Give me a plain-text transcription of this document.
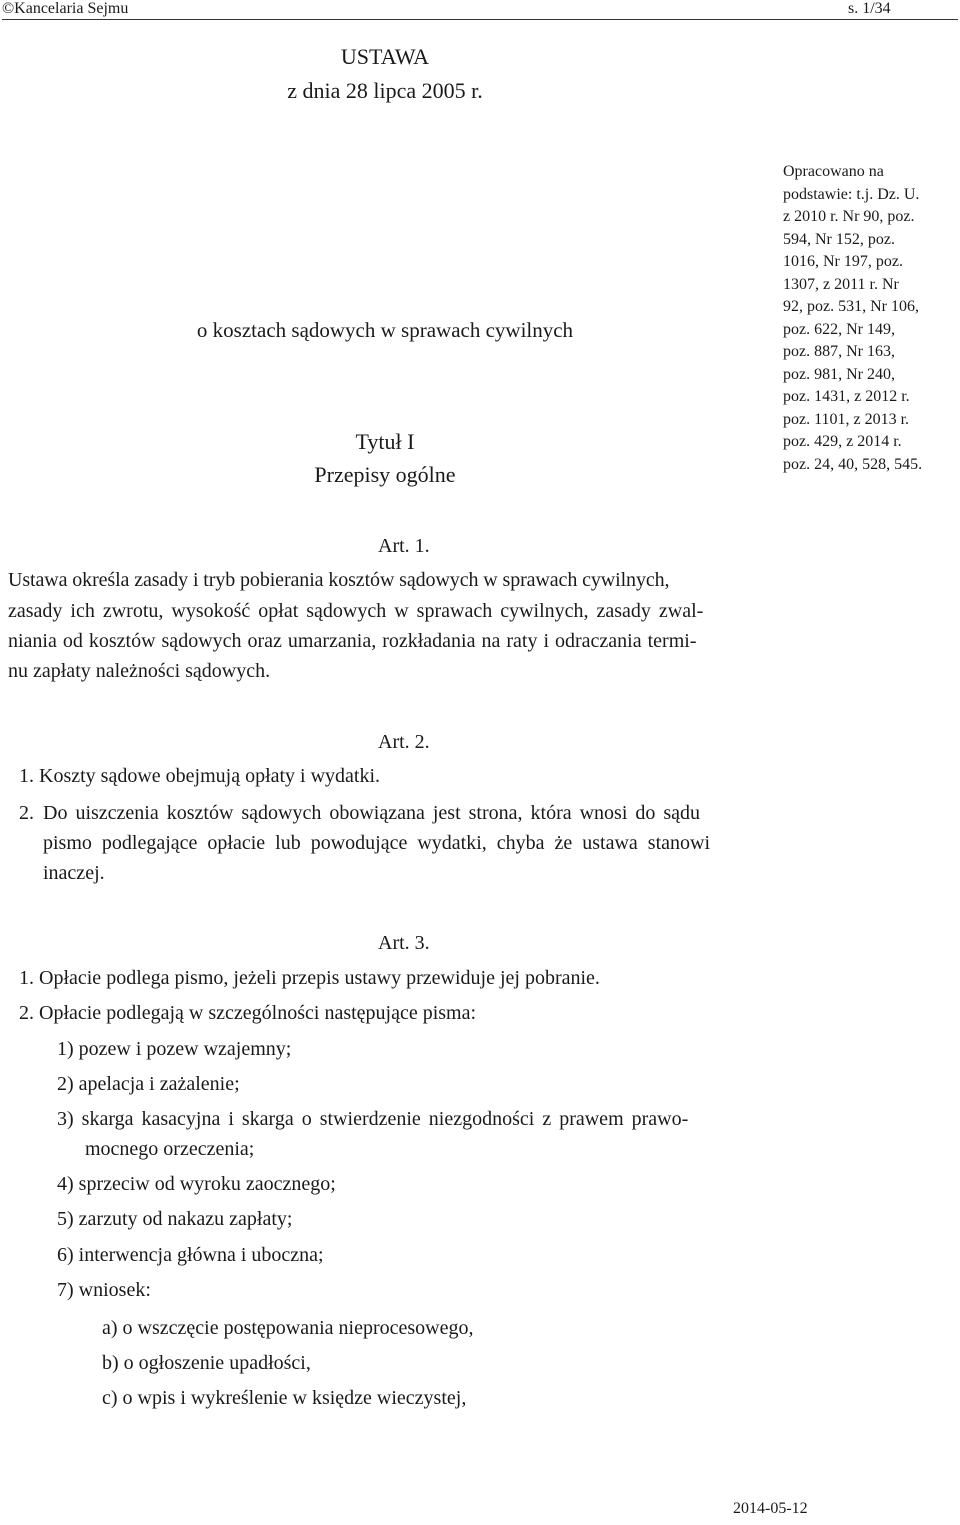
©Kancelaria Sejmu	s. 1/34
USTAWA
z dnia 28 lipca 2005 r.
o kosztach sądowych w sprawach cywilnych
Tytuł I
Przepisy ogólne
Opracowano na
podstawie: t.j. Dz. U.
z 2010 r. Nr 90, poz.
594, Nr 152, poz.
1016, Nr 197, poz.
1307, z 2011 r. Nr
92, poz. 531, Nr 106,
poz. 622, Nr 149,
poz. 887, Nr 163,
poz. 981, Nr 240,
poz. 1431, z 2012 r.
poz. 1101, z 2013 r.
poz. 429, z 2014 r.
poz. 24, 40, 528, 545.
Art. 1.
Ustawa określa zasady i tryb pobierania kosztów sądowych w sprawach cywilnych,
zasady ich zwrotu, wysokość opłat sądowych w sprawach cywilnych, zasady zwal-
niania od kosztów sądowych oraz umarzania, rozkładania na raty i odraczania termi-
nu zapłaty należności sądowych.
Art. 2.
1. Koszty sądowe obejmują opłaty i wydatki.
2. Do uiszczenia kosztów sądowych obowiązana jest strona, która wnosi do sądu
pismo podlegające opłacie lub powodujące wydatki, chyba że ustawa stanowi
inaczej.
Art. 3.
1. Opłacie podlega pismo, jeżeli przepis ustawy przewiduje jej pobranie.
2. Opłacie podlegają w szczególności następujące pisma:
1) pozew i pozew wzajemny;
2) apelacja i zażalenie;
3) skarga kasacyjna i skarga o stwierdzenie niezgodności z prawem prawo-
mocnego orzeczenia;
4) sprzeciw od wyroku zaocznego;
5) zarzuty od nakazu zapłaty;
6) interwencja główna i uboczna;
7) wniosek:
a) o wszczęcie postępowania nieprocesowego,
b) o ogłoszenie upadłości,
c) o wpis i wykreślenie w księdze wieczystej,
2014-05-12
